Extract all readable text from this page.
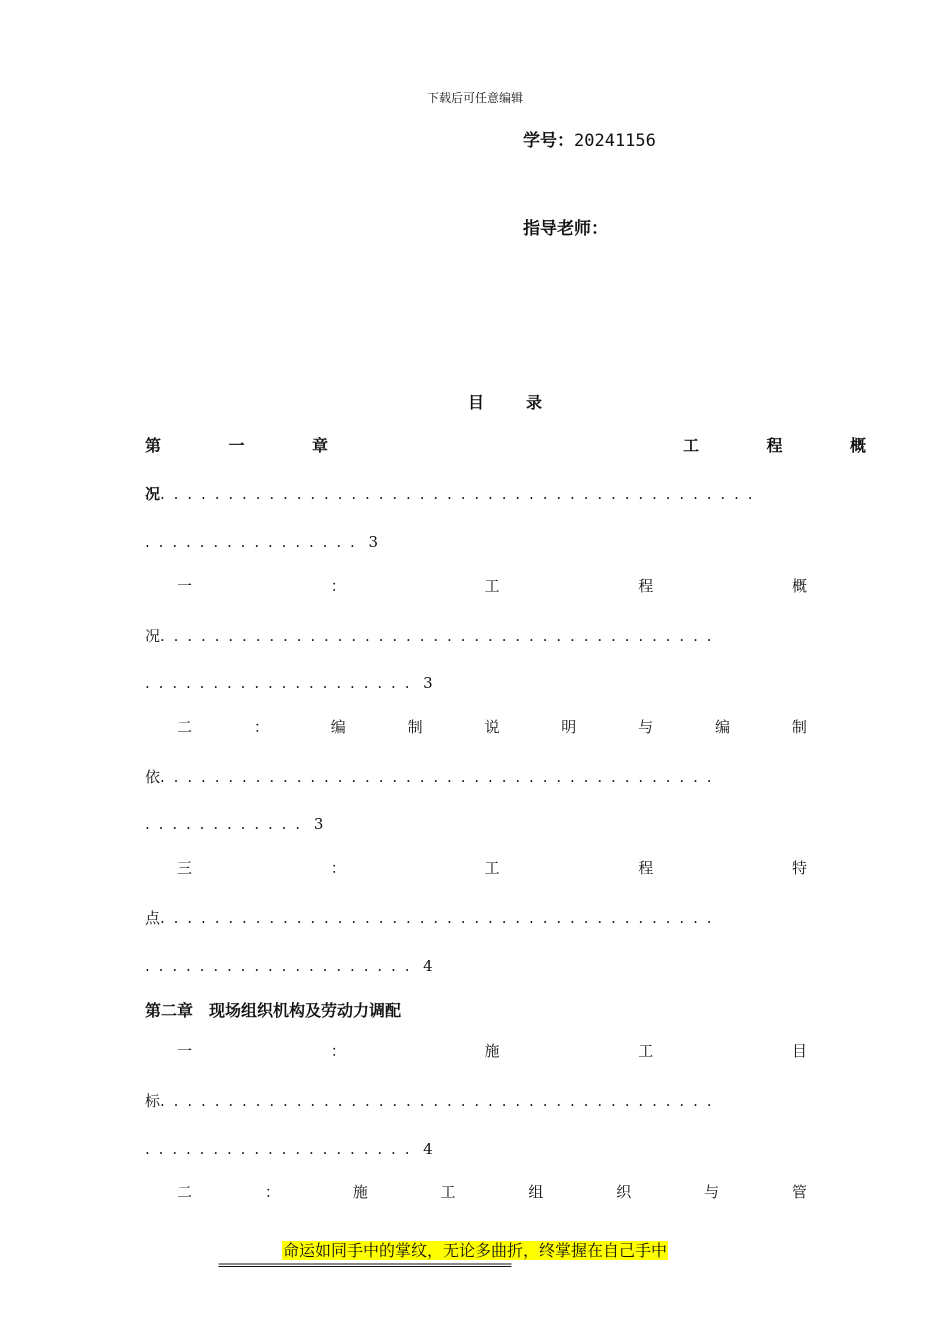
下载后可任意编辑
学号：20241156
指导老师：
目	录
第	一	章	工	程	概
况............................................
................ 3
一	：	工	程	概
况.........................................
.................... 3
二	：	编	制	说	明	与	编	制
依.........................................
............ 3
三	：	工	程	特
点.........................................
.................... 4
第二章　现场组织机构及劳动力调配
一	：	施	工	目
标.........................................
.................... 4
二	：	施	工	组	织	与	管
命运如同手中的掌纹，无论多曲折，终掌握在自己手中
===============================================================
